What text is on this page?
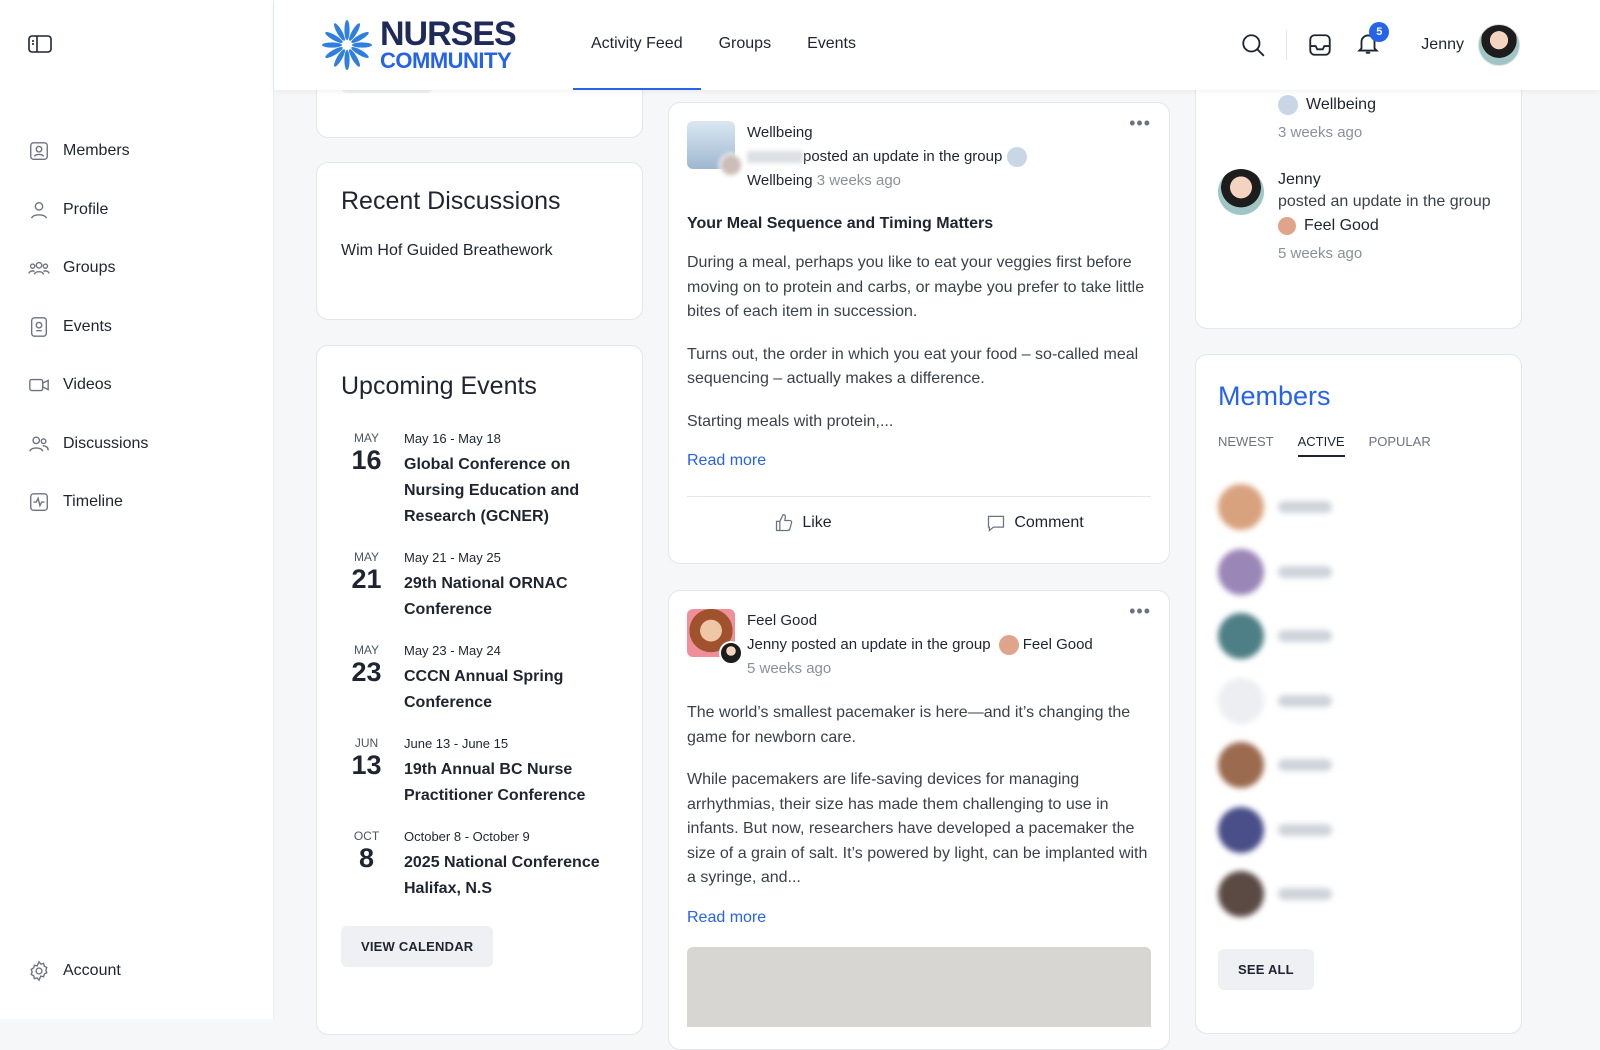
Members
Profile
Groups
Events
Videos
Discussions
Timeline
Account
NURSES
COMMUNITY
Activity Feed	Groups	Events
5
Jenny
Recent Discussions
Wim Hof Guided Breathework
Upcoming Events
MAY
16
May 16 - May 18
Global Conference on Nursing Education and Research (GCNER)
MAY
21
May 21 - May 25
29th National ORNAC Conference
MAY
23
May 23 - May 24
CCCN Annual Spring Conference
JUN
13
June 13 - June 15
19th Annual BC Nurse Practitioner Conference
OCT
8
October 8 - October 9
2025 National Conference Halifax, N.S
VIEW CALENDAR
Wellbeing
posted an update in the group
Wellbeing 3 weeks ago
•••
Your Meal Sequence and Timing Matters

During a meal, perhaps you like to eat your veggies first before moving on to protein and carbs, or maybe you prefer to take little bites of each item in succession.

Turns out, the order in which you eat your food – so-called meal sequencing – actually makes a difference.

Starting meals with protein,...

Read more
Like	Comment
Feel Good
Jenny posted an update in the group Feel Good
5 weeks ago
•••

The world’s smallest pacemaker is here—and it’s changing the game for newborn care.

While pacemakers are life-saving devices for managing arrhythmias, their size has made them challenging to use in infants. But now, researchers have developed a pacemaker the size of a grain of salt. It’s powered by light, can be implanted with a syringe, and...

Read more
Wellbeing
3 weeks ago
Jenny
posted an update in the group
Feel Good
5 weeks ago
Members
NEWEST ACTIVE POPULAR
SEE ALL
